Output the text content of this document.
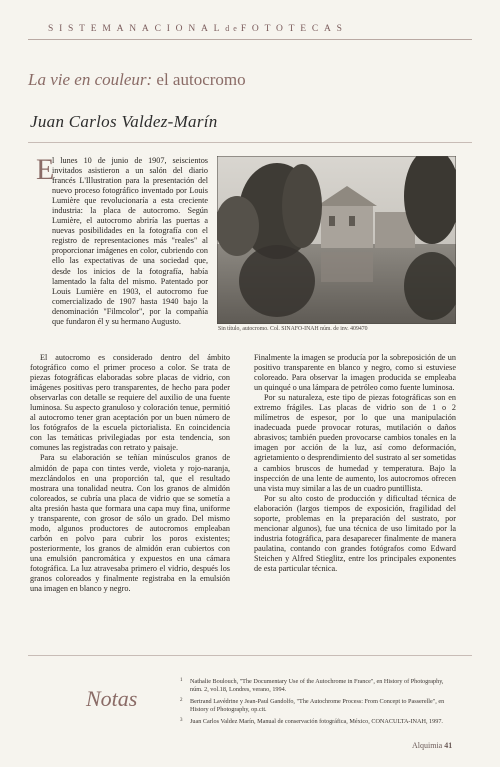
SISTEMANACIONALdeFOTOTECAS
La vie en couleur: el autocromo
Juan Carlos Valdez-Marín
E

l lunes 10 de junio de 1907, seiscientos invitados asistieron a un salón del diario francés L'Illustration para la presentación del nuevo proceso fotográfico inventado por Louis Lumière que revolucionaría a esta creciente industria: la placa de autocromo. Según Lumière, el autocromo abriría las puertas a nuevas posibilidades en la fotografía con el registro de representaciones más "reales" al proporcionar imágenes en color, cubriendo con ello las expectativas de una sociedad que, desde los inicios de la fotografía, había lamentado la falta del mismo. Patentado por Louis Lumière en 1903, el autocromo fue comercializado de 1907 hasta 1940 bajo la denominación "Filmcolor", por la compañía que fundaron él y su hermano Augusto.

Sin título, autocromo. Col. SINAFO-INAH núm. de inv. 409470

El autocromo es considerado dentro del ámbito fotográfico como el primer proceso a color. Se trata de piezas fotográficas elaboradas sobre placas de vidrio, con imágenes positivas pero transparentes, de hecho para poder observarlas con detalle se requiere del auxilio de una fuente luminosa. Su aspecto granuloso y coloración tenue, permitió al autocromo tener gran aceptación por un buen número de los fotógrafos de la escuela pictorialista. En coincidencia con las temáticas privilegiadas por esta tendencia, son comunes las registradas con retrato y paisaje.

Para su elaboración se teñían minúsculos granos de almidón de papa con tintes verde, violeta y rojo-naranja, mezclándolos en una proporción tal, que el resultado mostrara una tonalidad neutra. Con los granos de almidón coloreados, se cubría una placa de vidrio que se sometía a alta presión hasta que formara una capa muy fina, uniforme y transparente, con grosor de sólo un grado. Del mismo modo, algunos productores de autocromos empleaban carbón en polvo para cubrir los poros existentes; posteriormente, los granos de almidón eran cubiertos con una emulsión pancromática y expuestos en una cámara fotográfica. La luz atravesaba primero el vidrio, después los granos coloreados y finalmente registraba en la emulsión una imagen en blanco y negro.

Finalmente la imagen se producía por la sobreposición de un positivo transparente en blanco y negro, como si estuviese coloreado. Para observar la imagen producida se empleaba un quinqué o una lámpara de petróleo como fuente luminosa.

Por su naturaleza, este tipo de piezas fotográficas son en extremo frágiles. Las placas de vidrio son de 1 o 2 milímetros de espesor, por lo que una manipulación inadecuada puede provocar roturas, mutilación o daños abrasivos; también pueden provocarse cambios tonales en la imagen por acción de la luz, así como deformación, agrietamiento o desprendimiento del sustrato al ser sometidas a cambios bruscos de humedad y temperatura. Bajo la inspección de una lente de aumento, los autocromos ofrecen una vista muy similar a las de un cuadro puntillista.

Por su alto costo de producción y dificultad técnica de elaboración (largos tiempos de exposición, fragilidad del soporte, problemas en la preparación del sustrato, por mencionar algunos), fue una técnica de uso limitado por la industria fotográfica, para desaparecer finalmente de manera paulatina, contando con grandes fotógrafos como Edward Steichen y Alfred Stieglitz, entre los principales exponentes de esta particular técnica.

Notas
1 Nathalie Boulouch, "The Documentary Use of the Autochrome in France", en History of Photography, núm. 2, vol.18, Londres, verano, 1994.
2 Bertrand Lavédrine y Jean-Paul Gandolfo, "The Autochrome Process: From Concept to Passerelle", en History of Photography, op.cit.
3 Juan Carlos Valdez Marín, Manual de conservación fotográfica, México, CONACULTA-INAH, 1997.
Alquimia 41
